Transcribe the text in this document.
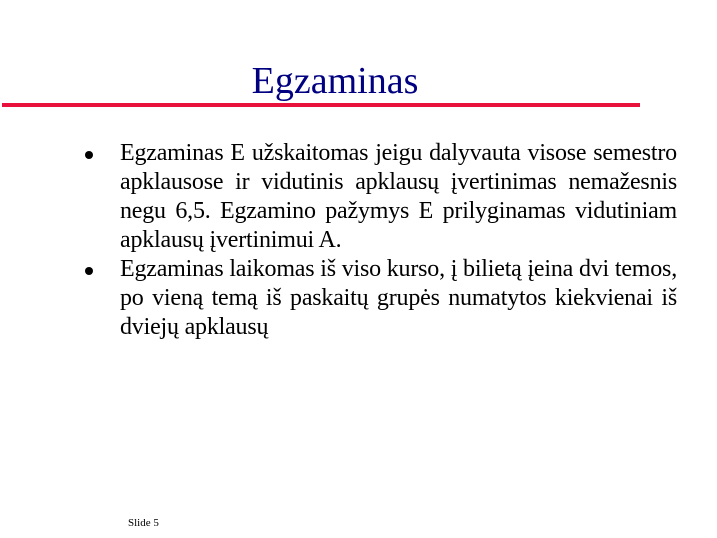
Egzaminas
Egzaminas E užskaitomas jeigu dalyvauta visose semestro apklausose ir vidutinis apklausų įvertinimas nemažesnis negu 6,5. Egzamino pažymys E prilyginamas vidutiniam apklausų įvertinimui A.
Egzaminas laikomas iš viso kurso, į bilietą įeina dvi temos, po vieną temą iš paskaitų grupės numatytos kiekvienai iš dviejų apklausų
Slide 5
